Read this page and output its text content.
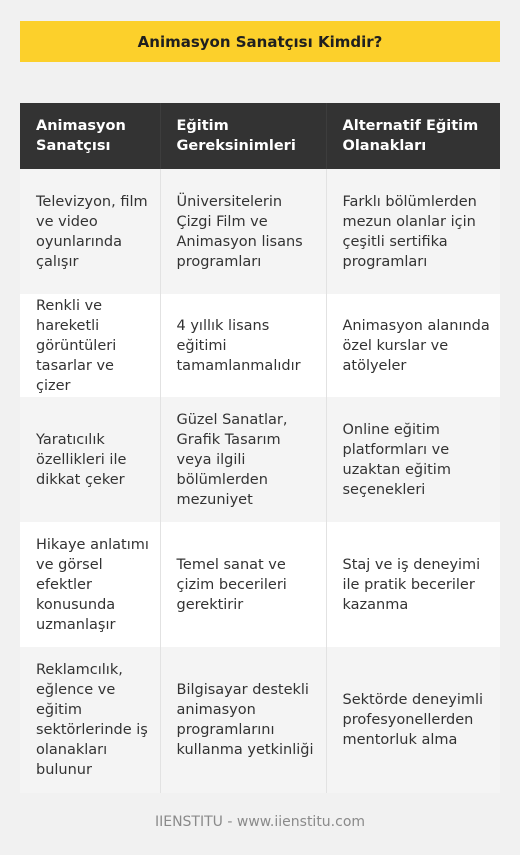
Animasyon Sanatçısı Kimdir?
Animasyon Sanatçısı	Eğitim Gereksinimleri	Alternatif Eğitim Olanakları
Televizyon, film ve video oyunlarında çalışır	Üniversitelerin Çizgi Film ve Animasyon lisans programları	Farklı bölümlerden mezun olanlar için çeşitli sertifika programları
Renkli ve hareketli görüntüleri tasarlar ve çizer	4 yıllık lisans eğitimi tamamlanmalıdır	Animasyon alanında özel kurslar ve atölyeler
Yaratıcılık özellikleri ile dikkat çeker	Güzel Sanatlar, Grafik Tasarım veya ilgili bölümlerden mezuniyet	Online eğitim platformları ve uzaktan eğitim seçenekleri
Hikaye anlatımı ve görsel efektler konusunda uzmanlaşır	Temel sanat ve çizim becerileri gerektirir	Staj ve iş deneyimi ile pratik beceriler kazanma
Reklamcılık, eğlence ve eğitim sektörlerinde iş olanakları bulunur	Bilgisayar destekli animasyon programlarını kullanma yetkinliği	Sektörde deneyimli profesyonellerden mentorluk alma
IIENSTITU - www.iienstitu.com
